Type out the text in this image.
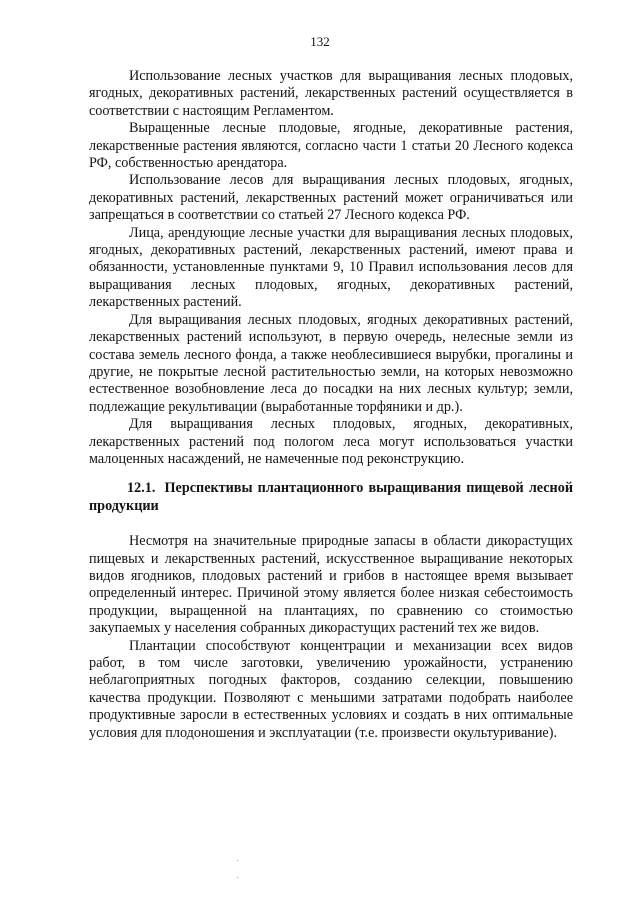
132

Использование лесных участков для выращивания лесных плодовых, ягодных, декоративных растений, лекарственных растений осуществляется в соответствии с настоящим Регламентом.

Выращенные лесные плодовые, ягодные, декоративные растения, лекарственные растения являются, согласно части 1 статьи 20 Лесного кодекса РФ, собственностью арендатора.

Использование лесов для выращивания лесных плодовых, ягодных, декоративных растений, лекарственных растений может ограничиваться или запрещаться в соответствии со статьей 27 Лесного кодекса РФ.

Лица, арендующие лесные участки для выращивания лесных плодовых, ягодных, декоративных растений, лекарственных растений, имеют права и обязанности, установленные пунктами 9, 10 Правил использования лесов для выращивания лесных плодовых, ягодных, декоративных растений, лекарственных растений.

Для выращивания лесных плодовых, ягодных декоративных растений, лекарственных растений используют, в первую очередь, нелесные земли из состава земель лесного фонда, а также необлесившиеся вырубки, прогалины и другие, не покрытые лесной растительностью земли, на которых невозможно естественное возобновление леса до посадки на них лесных культур; земли, подлежащие рекультивации (выработанные торфяники и др.).

Для выращивания лесных плодовых, ягодных, декоративных, лекарственных растений под пологом леса могут использоваться участки малоценных насаждений, не намеченные под реконструкцию.

12.1. Перспективы плантационного выращивания пищевой лесной продукции

Несмотря на значительные природные запасы в области дикорастущих пищевых и лекарственных растений, искусственное выращивание некоторых видов ягодников, плодовых растений и грибов в настоящее время вызывает определенный интерес. Причиной этому является более низкая себестоимость продукции, выращенной на плантациях, по сравнению со стоимостью закупаемых у населения собранных дикорастущих растений тех же видов.

Плантации способствуют концентрации и механизации всех видов работ, в том числе заготовки, увеличению урожайности, устранению неблагоприятных погодных факторов, созданию селекции, повышению качества продукции. Позволяют с меньшими затратами подобрать наиболее продуктивные заросли в естественных условиях и создать в них оптимальные условия для плодоношения и эксплуатации (т.е. произвести окультуривание).
